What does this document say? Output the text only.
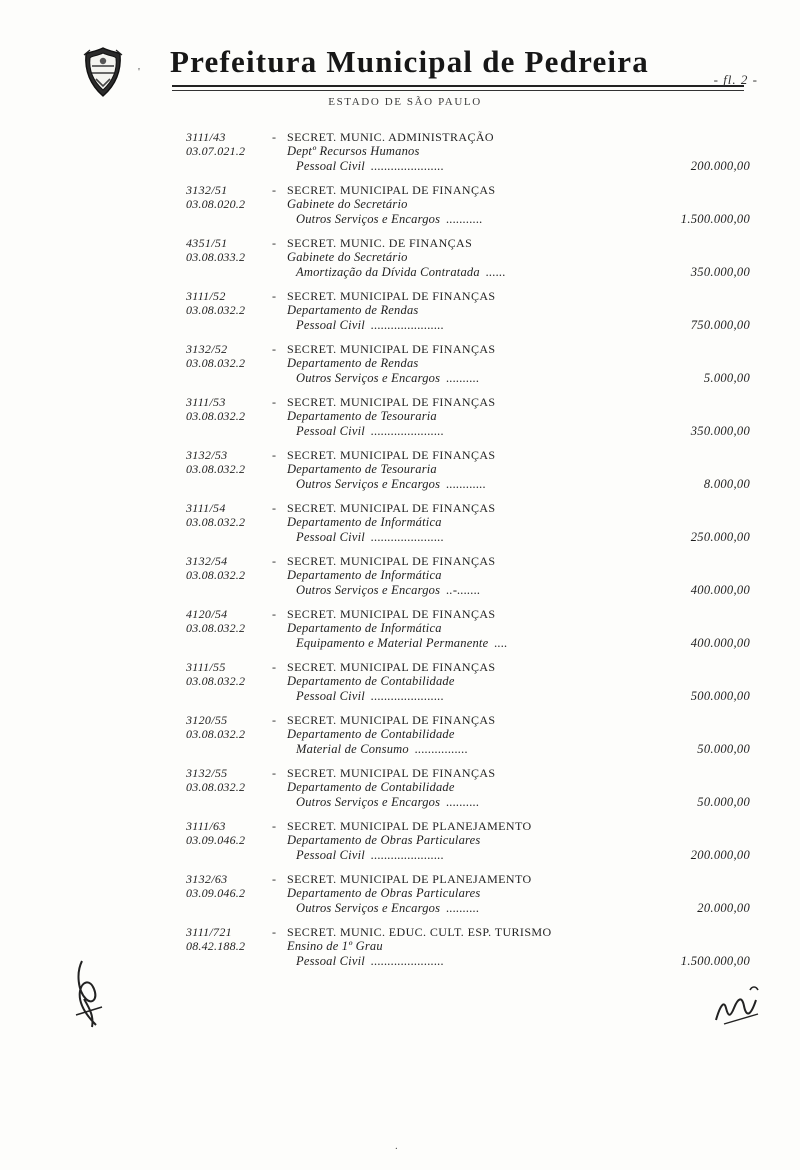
' Prefeitura Municipal de Pedreira
ESTADO DE SÃO PAULO
- fl. 2 -
3111/43
03.07.021.2
- SECRET. MUNIC. ADMINISTRAÇÃO
Deptº Recursos Humanos
Pessoal Civil ......................	200.000,00
3132/51
03.08.020.2
- SECRET. MUNICIPAL DE FINANÇAS
Gabinete do Secretário
Outros Serviços e Encargos ...........	1.500.000,00
4351/51
03.08.033.2
- SECRET. MUNIC. DE FINANÇAS
Gabinete do Secretário
Amortização da Dívida Contratada ......	350.000,00
3111/52
03.08.032.2
- SECRET. MUNICIPAL DE FINANÇAS
Departamento de Rendas
Pessoal Civil ......................	750.000,00
3132/52
03.08.032.2
- SECRET. MUNICIPAL DE FINANÇAS
Departamento de Rendas
Outros Serviços e Encargos ..........	5.000,00
3111/53
03.08.032.2
- SECRET. MUNICIPAL DE FINANÇAS
Departamento de Tesouraria
Pessoal Civil ......................	350.000,00
3132/53
03.08.032.2
- SECRET. MUNICIPAL DE FINANÇAS
Departamento de Tesouraria
Outros Serviços e Encargos ............	8.000,00
3111/54
03.08.032.2
- SECRET. MUNICIPAL DE FINANÇAS
Departamento de Informática
Pessoal Civil ......................	250.000,00
3132/54
03.08.032.2
- SECRET. MUNICIPAL DE FINANÇAS
Departamento de Informática
Outros Serviços e Encargos ..-.......	400.000,00
4120/54
03.08.032.2
- SECRET. MUNICIPAL DE FINANÇAS
Departamento de Informática
Equipamento e Material Permanente ....	400.000,00
3111/55
03.08.032.2
- SECRET. MUNICIPAL DE FINANÇAS
Departamento de Contabilidade
Pessoal Civil ......................	500.000,00
3120/55
03.08.032.2
- SECRET. MUNICIPAL DE FINANÇAS
Departamento de Contabilidade
Material de Consumo ................	50.000,00
3132/55
03.08.032.2
- SECRET. MUNICIPAL DE FINANÇAS
Departamento de Contabilidade
Outros Serviços e Encargos ..........	50.000,00
3111/63
03.09.046.2
- SECRET. MUNICIPAL DE PLANEJAMENTO
Departamento de Obras Particulares
Pessoal Civil ......................	200.000,00
3132/63
03.09.046.2
- SECRET. MUNICIPAL DE PLANEJAMENTO
Departamento de Obras Particulares
Outros Serviços e Encargos ..........	20.000,00
3111/721
08.42.188.2
- SECRET. MUNIC. EDUC. CULT. ESP. TURISMO
Ensino de 1º Grau
Pessoal Civil ......................	1.500.000,00
.
